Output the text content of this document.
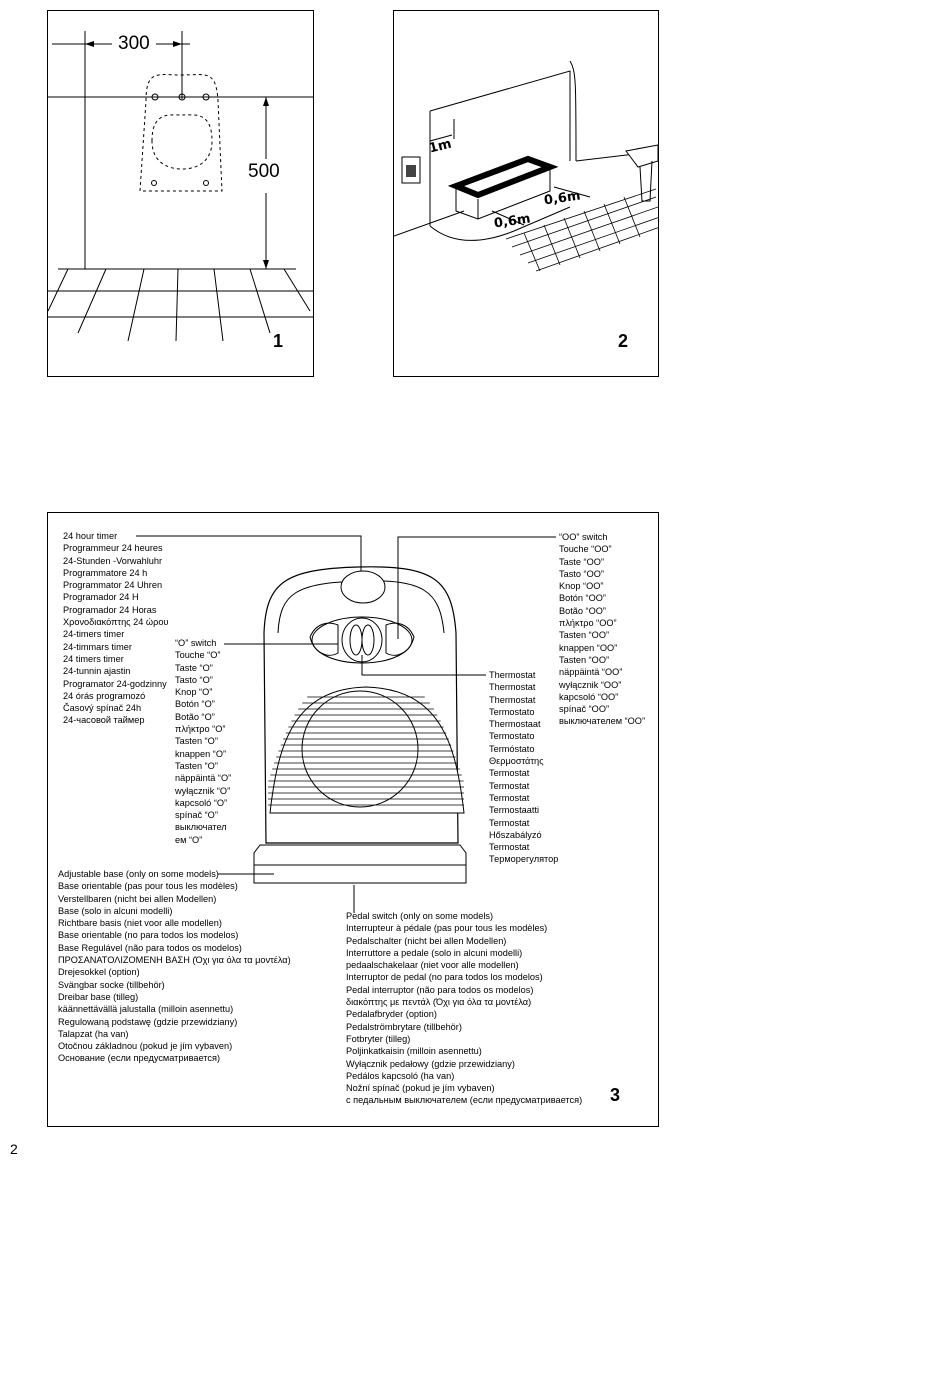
300
500
1
1m
0,6m
0,6m
2
24 hour timer
Programmeur 24 heures
24-Stunden -Vorwahluhr
Programmatore 24 h
Programmator 24 Uhren
Programador 24 H
Programador 24 Horas
Χρονοδιακόπτης 24 ώρου
24-timers timer
24-timmars timer
24 timers timer
24-tunnin ajastin
Programator 24-godzinny
24 órás programozó
Časový spínač 24h
24-часовой таймер
“O” switch
Touche “O”
Taste “O”
Tasto “O”
Knop “O”
Botón “O”
Botão “O”
πλήκτρο “O”
Tasten “O”
knappen “O”
Tasten “O”
näppäintä “O”
wyłącznik “O”
kapcsoló “O”
spínač “O”
выключател
ем “O”
“OO” switch
Touche “OO”
Taste “OO”
Tasto “OO”
Knop “OO”
Botón “OO”
Botão “OO”
πλήκτρο “OO”
Tasten “OO”
knappen “OO”
Tasten “OO”
näppäintä “OO”
wyłącznik “OO”
kapcsoló “OO”
spínač “OO”
выключателем “OO”
Thermostat
Thermostat
Thermostat
Termostato
Thermostaat
Termostato
Termóstato
Θερμοστάτης
Termostat
Termostat
Termostat
Termostaatti
Termostat
Hőszabályzó
Termostat
Терморегулятор
Adjustable base (only on some models)
Base orientable (pas pour tous les modèles)
Verstellbaren (nicht bei allen Modellen)
Base (solo in alcuni modelli)
Richtbare basis (niet voor alle modellen)
Base orientable (no para todos los modelos)
Base Regulável (não para todos os modelos)
ΠΡΟΣΑΝΑΤΟΛΙΖΟΜΕΝΗ ΒΑΣΗ (Όχι για όλα τα μοντέλα)
Drejesokkel (option)
Svängbar socke (tillbehör)
Dreibar base (tilleg)
käännettävällä jalustalla (milloin asennettu)
Regulowaną podstawę (gdzie przewidziany)
Talapzat (ha van)
Otočnou základnou (pokud je jím vybaven)
Основание (если предусматривается)
Pedal switch (only on some models)
Interrupteur à pédale (pas pour tous les modèles)
Pedalschalter (nicht bei allen Modellen)
Interruttore a pedale (solo in alcuni modelli)
pedaalschakelaar (niet voor alle modellen)
Interruptor de pedal (no para todos los modelos)
Pedal interruptor (não para todos os modelos)
διακόπτης με πεντάλ (Όχι για όλα τα μοντέλα)
Pedalafbryder (option)
Pedalströmbrytare (tillbehör)
Fotbryter (tilleg)
Poljinkatkaisin (milloin asennettu)
Wyłącznik pedałowy (gdzie przewidziany)
Pedálos kapcsoló (ha van)
Nožní spínač (pokud je jím vybaven)
с педальным выключателем (если предусматривается) 3
2
